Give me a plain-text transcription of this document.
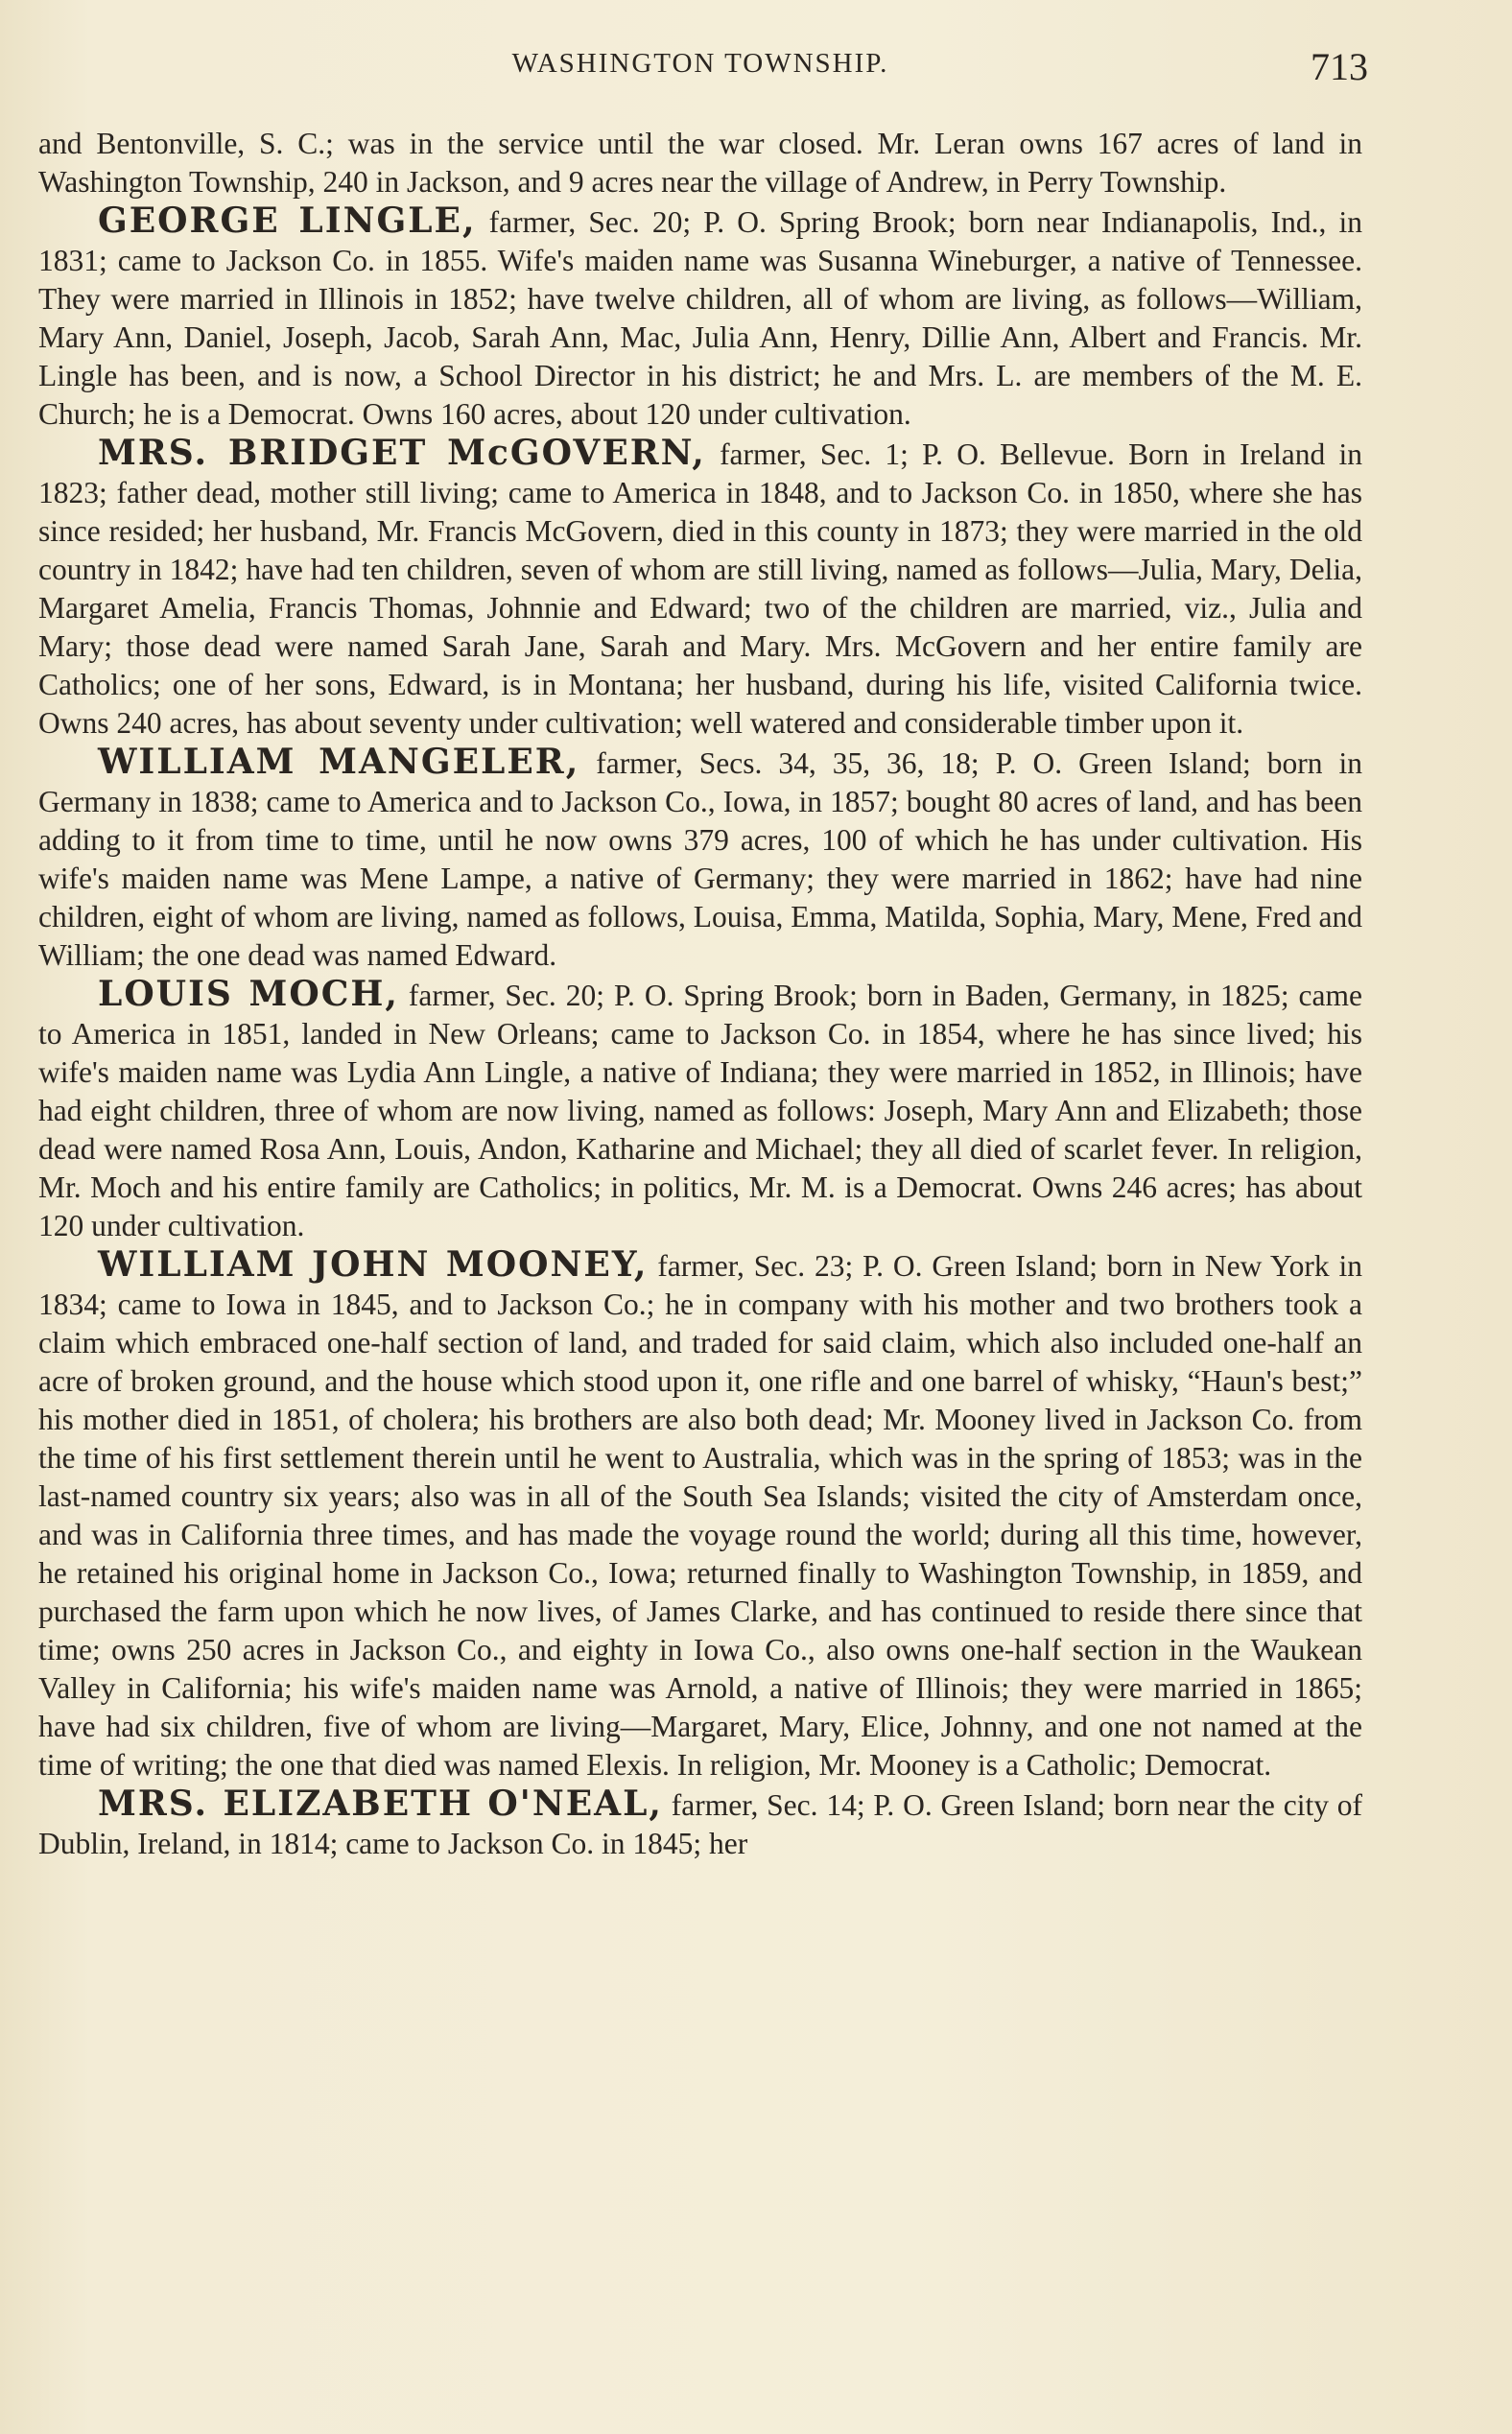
WASHINGTON TOWNSHIP.	713

and Bentonville, S. C.; was in the service until the war closed. Mr. Leran owns 167 acres of land in Washington Township, 240 in Jackson, and 9 acres near the village of Andrew, in Perry Township.

GEORGE LINGLE, farmer, Sec. 20; P. O. Spring Brook; born near Indianapolis, Ind., in 1831; came to Jackson Co. in 1855. Wife's maiden name was Susanna Wineburger, a native of Tennessee. They were married in Illinois in 1852; have twelve children, all of whom are living, as follows—William, Mary Ann, Daniel, Joseph, Jacob, Sarah Ann, Mac, Julia Ann, Henry, Dillie Ann, Albert and Francis. Mr. Lingle has been, and is now, a School Director in his district; he and Mrs. L. are members of the M. E. Church; he is a Democrat. Owns 160 acres, about 120 under cultivation.

MRS. BRIDGET McGOVERN, farmer, Sec. 1; P. O. Bellevue. Born in Ireland in 1823; father dead, mother still living; came to America in 1848, and to Jackson Co. in 1850, where she has since resided; her husband, Mr. Francis McGovern, died in this county in 1873; they were married in the old country in 1842; have had ten children, seven of whom are still living, named as follows—Julia, Mary, Delia, Margaret Amelia, Francis Thomas, Johnnie and Edward; two of the children are married, viz., Julia and Mary; those dead were named Sarah Jane, Sarah and Mary. Mrs. McGovern and her entire family are Catholics; one of her sons, Edward, is in Montana; her husband, during his life, visited California twice. Owns 240 acres, has about seventy under cultivation; well watered and considerable timber upon it.

WILLIAM MANGELER, farmer, Secs. 34, 35, 36, 18; P. O. Green Island; born in Germany in 1838; came to America and to Jackson Co., Iowa, in 1857; bought 80 acres of land, and has been adding to it from time to time, until he now owns 379 acres, 100 of which he has under cultivation. His wife's maiden name was Mene Lampe, a native of Germany; they were married in 1862; have had nine children, eight of whom are living, named as follows, Louisa, Emma, Matilda, Sophia, Mary, Mene, Fred and William; the one dead was named Edward.

LOUIS MOCH, farmer, Sec. 20; P. O. Spring Brook; born in Baden, Germany, in 1825; came to America in 1851, landed in New Orleans; came to Jackson Co. in 1854, where he has since lived; his wife's maiden name was Lydia Ann Lingle, a native of Indiana; they were married in 1852, in Illinois; have had eight children, three of whom are now living, named as follows: Joseph, Mary Ann and Elizabeth; those dead were named Rosa Ann, Louis, Andon, Katharine and Michael; they all died of scarlet fever. In religion, Mr. Moch and his entire family are Catholics; in politics, Mr. M. is a Democrat. Owns 246 acres; has about 120 under cultivation.

WILLIAM JOHN MOONEY, farmer, Sec. 23; P. O. Green Island; born in New York in 1834; came to Iowa in 1845, and to Jackson Co.; he in company with his mother and two brothers took a claim which embraced one-half section of land, and traded for said claim, which also included one-half an acre of broken ground, and the house which stood upon it, one rifle and one barrel of whisky, “Haun's best;” his mother died in 1851, of cholera; his brothers are also both dead; Mr. Mooney lived in Jackson Co. from the time of his first settlement therein until he went to Australia, which was in the spring of 1853; was in the last-named country six years; also was in all of the South Sea Islands; visited the city of Amsterdam once, and was in California three times, and has made the voyage round the world; during all this time, however, he retained his original home in Jackson Co., Iowa; returned finally to Washington Township, in 1859, and purchased the farm upon which he now lives, of James Clarke, and has continued to reside there since that time; owns 250 acres in Jackson Co., and eighty in Iowa Co., also owns one-half section in the Waukean Valley in California; his wife's maiden name was Arnold, a native of Illinois; they were married in 1865; have had six children, five of whom are living—Margaret, Mary, Elice, Johnny, and one not named at the time of writing; the one that died was named Elexis. In religion, Mr. Mooney is a Catholic; Democrat.

MRS. ELIZABETH O'NEAL, farmer, Sec. 14; P. O. Green Island; born near the city of Dublin, Ireland, in 1814; came to Jackson Co. in 1845; her
